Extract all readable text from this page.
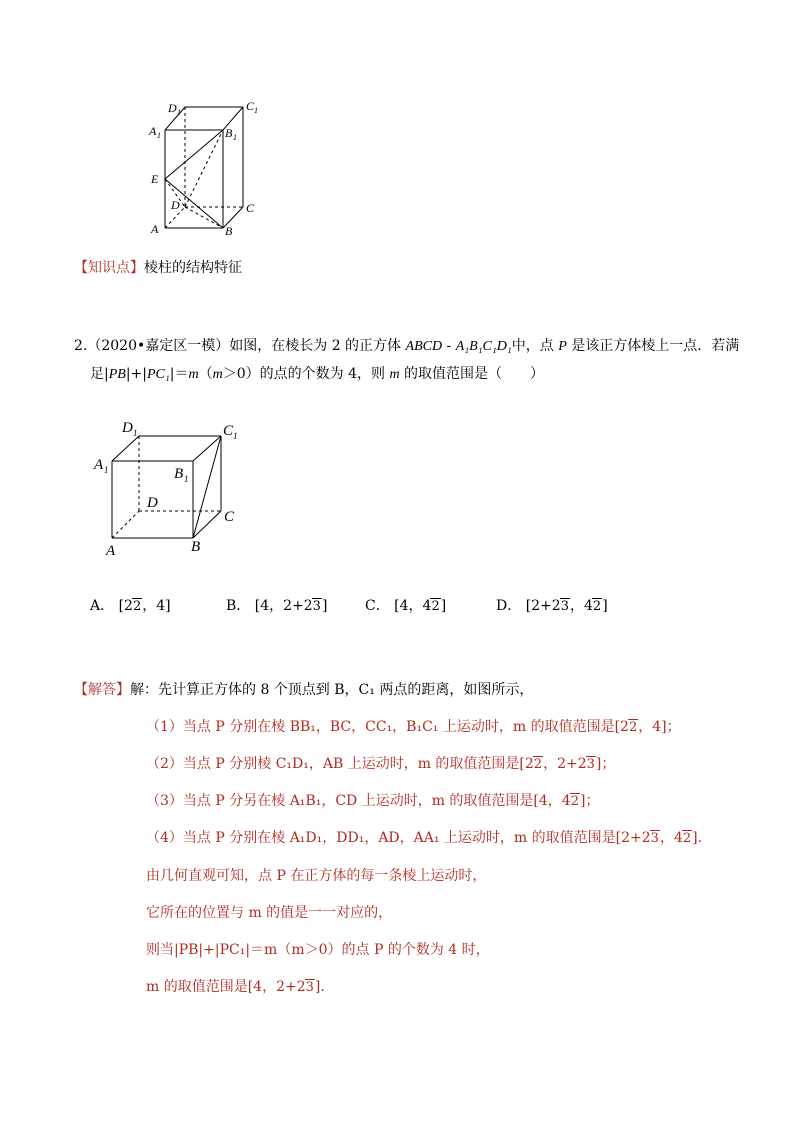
D 1	C 1
A 1	B 1
E
D	C
A	B
【知识点】棱柱的结构特征
2.（2020•嘉定区一模）如图，在棱长为 2 的正方体 ABCD - A₁B₁C₁D₁中，点 P 是该正方体棱上一点．若满
足|PB|+|PC₁|＝m（m＞0）的点的个数为 4，则 m 的取值范围是（　　）
D 1	C 1
A 1	B 1
D
C
A	B
A． [22，4]	B． [4，2+23]	C． [4，42]	D． [2+23，42]
【解答】解：先计算正方体的 8 个顶点到 B，C₁ 两点的距离，如图所示，
（1）当点 P 分别在棱 BB₁，BC，CC₁，B₁C₁ 上运动时，m 的取值范围是[22，4]；
（2）当点 P 分别棱 C₁D₁，AB 上运动时，m 的取值范围是[22，2+23]；
（3）当点 P 分另在棱 A₁B₁，CD 上运动时，m 的取值范围是[4，42]；
（4）当点 P 分别在棱 A₁D₁，DD₁，AD，AA₁ 上运动时，m 的取值范围是[2+23，42].
由几何直观可知，点 P 在正方体的每一条棱上运动时，
它所在的位置与 m 的值是一一对应的，
则当|PB|+|PC₁|＝m（m＞0）的点 P 的个数为 4 时，
m 的取值范围是[4，2+23].
